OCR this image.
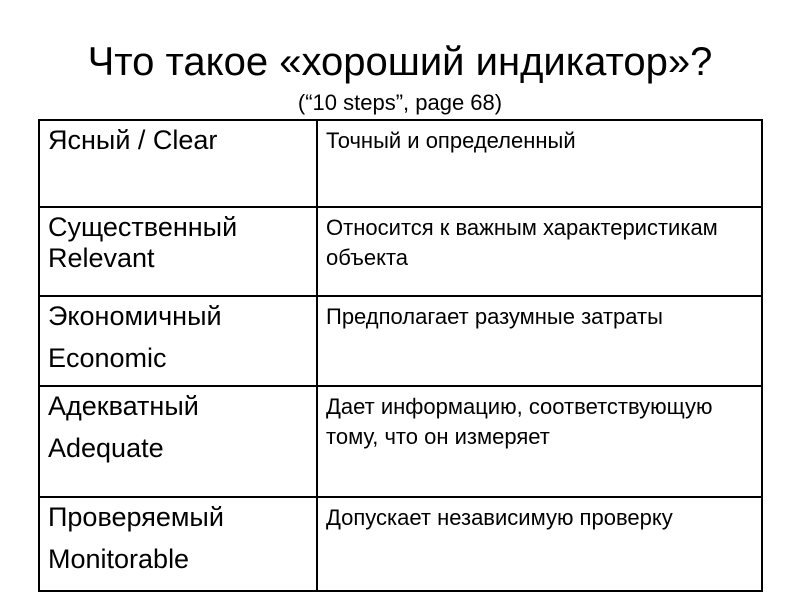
Что такое «хороший индикатор»?
(“10 steps”, page 68)
Ясный / Clear	Точный и определенный

Существенный
Relevant	Относится к важным характеристикам объекта

Экономичный
Economic	Предполагает разумные затраты

Адекватный
Adequate	Дает информацию, соответствующую тому, что он измеряет

Проверяемый
Monitorable	Допускает независимую проверку
